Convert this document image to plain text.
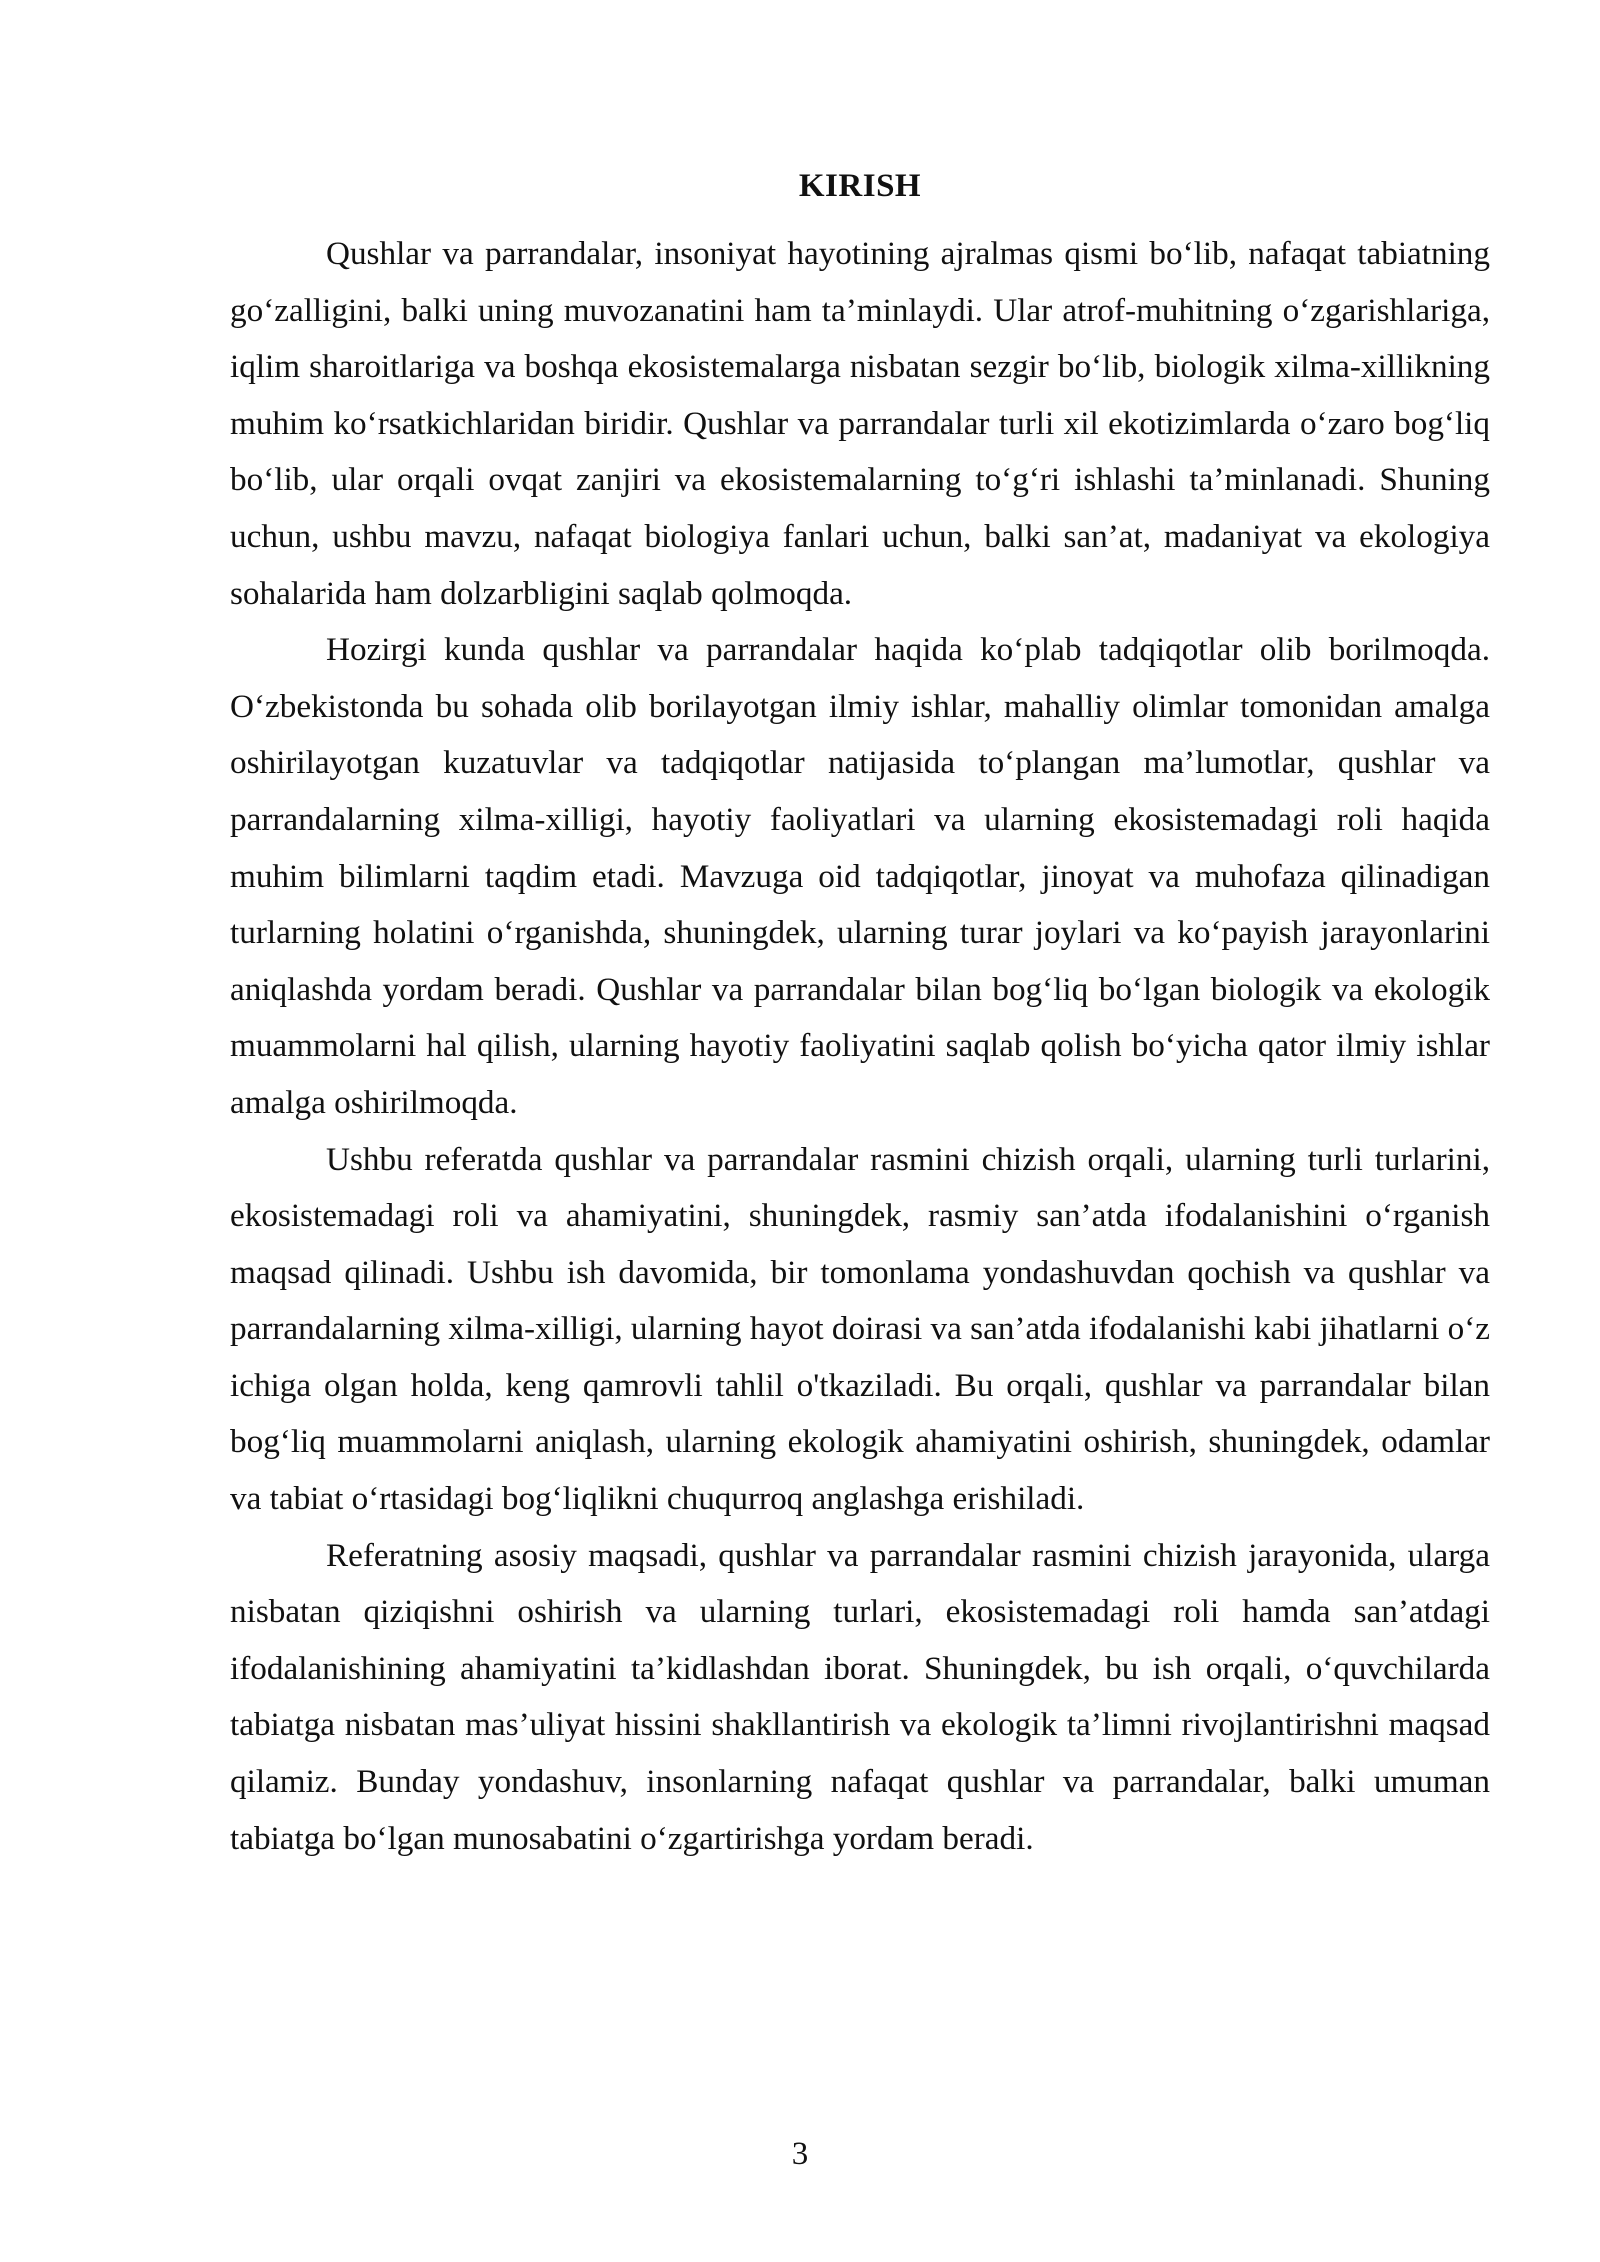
KIRISH

Qushlar va parrandalar, insoniyat hayotining ajralmas qismi bo‘lib, nafaqat tabiatning go‘zalligini, balki uning muvozanatini ham ta’minlaydi. Ular atrof-muhitning o‘zgarishlariga, iqlim sharoitlariga va boshqa ekosistemalarga nisbatan sezgir bo‘lib, biologik xilma-xillikning muhim ko‘rsatkichlaridan biridir. Qushlar va parrandalar turli xil ekotizimlarda o‘zaro bog‘liq bo‘lib, ular orqali ovqat zanjiri va ekosistemalarning to‘g‘ri ishlashi ta’minlanadi. Shuning uchun, ushbu mavzu, nafaqat biologiya fanlari uchun, balki san’at, madaniyat va ekologiya sohalarida ham dolzarbligini saqlab qolmoqda.

Hozirgi kunda qushlar va parrandalar haqida ko‘plab tadqiqotlar olib borilmoqda. O‘zbekistonda bu sohada olib borilayotgan ilmiy ishlar, mahalliy olimlar tomonidan amalga oshirilayotgan kuzatuvlar va tadqiqotlar natijasida to‘plangan ma’lumotlar, qushlar va parrandalarning xilma-xilligi, hayotiy faoliyatlari va ularning ekosistemadagi roli haqida muhim bilimlarni taqdim etadi. Mavzuga oid tadqiqotlar, jinoyat va muhofaza qilinadigan turlarning holatini o‘rganishda, shuningdek, ularning turar joylari va ko‘payish jarayonlarini aniqlashda yordam beradi. Qushlar va parrandalar bilan bog‘liq bo‘lgan biologik va ekologik muammolarni hal qilish, ularning hayotiy faoliyatini saqlab qolish bo‘yicha qator ilmiy ishlar amalga oshirilmoqda.

Ushbu referatda qushlar va parrandalar rasmini chizish orqali, ularning turli turlarini, ekosistemadagi roli va ahamiyatini, shuningdek, rasmiy san’atda ifodalanishini o‘rganish maqsad qilinadi. Ushbu ish davomida, bir tomonlama yondashuvdan qochish va qushlar va parrandalarning xilma-xilligi, ularning hayot doirasi va san’atda ifodalanishi kabi jihatlarni o‘z ichiga olgan holda, keng qamrovli tahlil o'tkaziladi. Bu orqali, qushlar va parrandalar bilan bog‘liq muammolarni aniqlash, ularning ekologik ahamiyatini oshirish, shuningdek, odamlar va tabiat o‘rtasidagi bog‘liqlikni chuqurroq anglashga erishiladi.

Referatning asosiy maqsadi, qushlar va parrandalar rasmini chizish jarayonida, ularga nisbatan qiziqishni oshirish va ularning turlari, ekosistemadagi roli hamda san’atdagi ifodalanishining ahamiyatini ta’kidlashdan iborat. Shuningdek, bu ish orqali, o‘quvchilarda tabiatga nisbatan mas’uliyat hissini shakllantirish va ekologik ta’limni rivojlantirishni maqsad qilamiz. Bunday yondashuv, insonlarning nafaqat qushlar va parrandalar, balki umuman tabiatga bo‘lgan munosabatini o‘zgartirishga yordam beradi.

3
